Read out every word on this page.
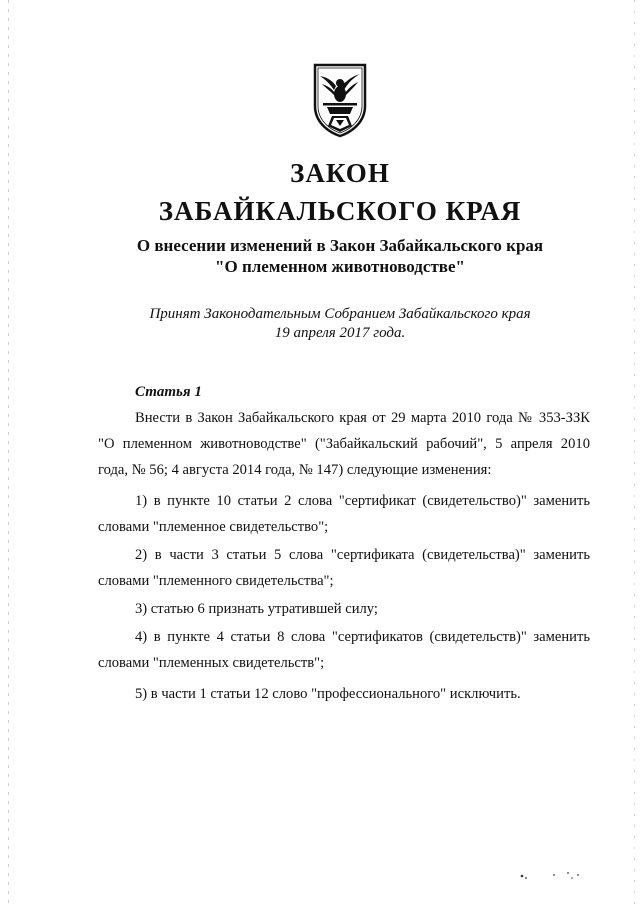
ЗАКОН
ЗАБАЙКАЛЬСКОГО КРАЯ
О внесении изменений в Закон Забайкальского края
"О племенном животноводстве"
Принят Законодательным Собранием Забайкальского края
19 апреля 2017 года.
Статья 1

Внести в Закон Забайкальского края от 29 марта 2010 года № 353-ЗЗК "О племенном животноводстве" ("Забайкальский рабочий", 5 апреля 2010 года, № 56; 4 августа 2014 года, № 147) следующие изменения:

1) в пункте 10 статьи 2 слова "сертификат (свидетельство)" заменить словами "племенное свидетельство";

2) в части 3 статьи 5 слова "сертификата (свидетельства)" заменить словами "племенного свидетельства";

3) статью 6 признать утратившей силу;

4) в пункте 4 статьи 8 слова "сертификатов (свидетельств)" заменить словами "племенных свидетельств";

5) в части 1 статьи 12 слово "профессионального" исключить.
